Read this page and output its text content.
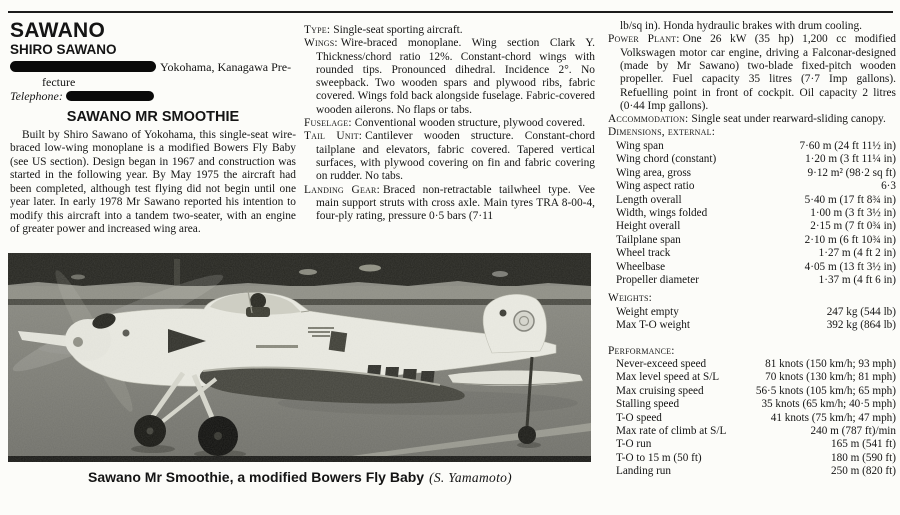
SAWANO
SHIRO SAWANO
Yokohama, Kanagawa Pre-
fecture
Telephone:
SAWANO MR SMOOTHIE

Built by Shiro Sawano of Yokohama, this single-seat wire-braced low-wing monoplane is a modified Bowers Fly Baby (see US section). Design began in 1967 and construction was started in the following year. By May 1975 the aircraft had been completed, although test flying did not begin until one year later. In early 1978 Mr Sawano reported his intention to modify this aircraft into a tandem two-seater, with an engine of greater power and increased wing area.

Type: Single-seat sporting aircraft.

Wings: Wire-braced monoplane. Wing section Clark Y. Thickness/chord ratio 12%. Constant-chord wings with rounded tips. Pronounced dihedral. Incidence 2°. No sweepback. Two wooden spars and plywood ribs, fabric covered. Wings fold back alongside fuselage. Fabric-covered wooden ailerons. No flaps or tabs.

Fuselage: Conventional wooden structure, plywood covered.

Tail Unit: Cantilever wooden structure. Constant-chord tailplane and elevators, fabric covered. Tapered vertical surfaces, with plywood covering on fin and fabric covering on rudder. No tabs.

Landing Gear: Braced non-retractable tailwheel type. Vee main support struts with cross axle. Main tyres TRA 8-00-4, four-ply rating, pressure 0·5 bars (7·11

lb/sq in). Honda hydraulic brakes with drum cooling.

Power Plant: One 26 kW (35 hp) 1,200 cc modified Volkswagen motor car engine, driving a Falconar-designed (made by Mr Sawano) two-blade fixed-pitch wooden propeller. Fuel capacity 35 litres (7·7 Imp gallons). Refuelling point in front of cockpit. Oil capacity 2 litres (0·44 Imp gallons).

Accommodation: Single seat under rearward-sliding canopy.

Dimensions, external:

Wing span	7·60 m (24 ft 11½ in)
Wing chord (constant)	1·20 m (3 ft 11¼ in)
Wing area, gross	9·12 m² (98·2 sq ft)
Wing aspect ratio	6·3
Length overall	5·40 m (17 ft 8¾ in)
Width, wings folded	1·00 m (3 ft 3½ in)
Height overall	2·15 m (7 ft 0¾ in)
Tailplane span	2·10 m (6 ft 10¾ in)
Wheel track	1·27 m (4 ft 2 in)
Wheelbase	4·05 m (13 ft 3½ in)
Propeller diameter	1·37 m (4 ft 6 in)

Weights:

Weight empty	247 kg (544 lb)
Max T-O weight	392 kg (864 lb)

Performance:

Never-exceed speed	81 knots (150 km/h; 93 mph)
Max level speed at S/L	70 knots (130 km/h; 81 mph)
Max cruising speed	56·5 knots (105 km/h; 65 mph)
Stalling speed	35 knots (65 km/h; 40·5 mph)
T-O speed	41 knots (75 km/h; 47 mph)
Max rate of climb at S/L	240 m (787 ft)/min
T-O run	165 m (541 ft)
T-O to 15 m (50 ft)	180 m (590 ft)
Landing run	250 m (820 ft)
Sawano Mr Smoothie, a modified Bowers Fly Baby (S. Yamamoto)
